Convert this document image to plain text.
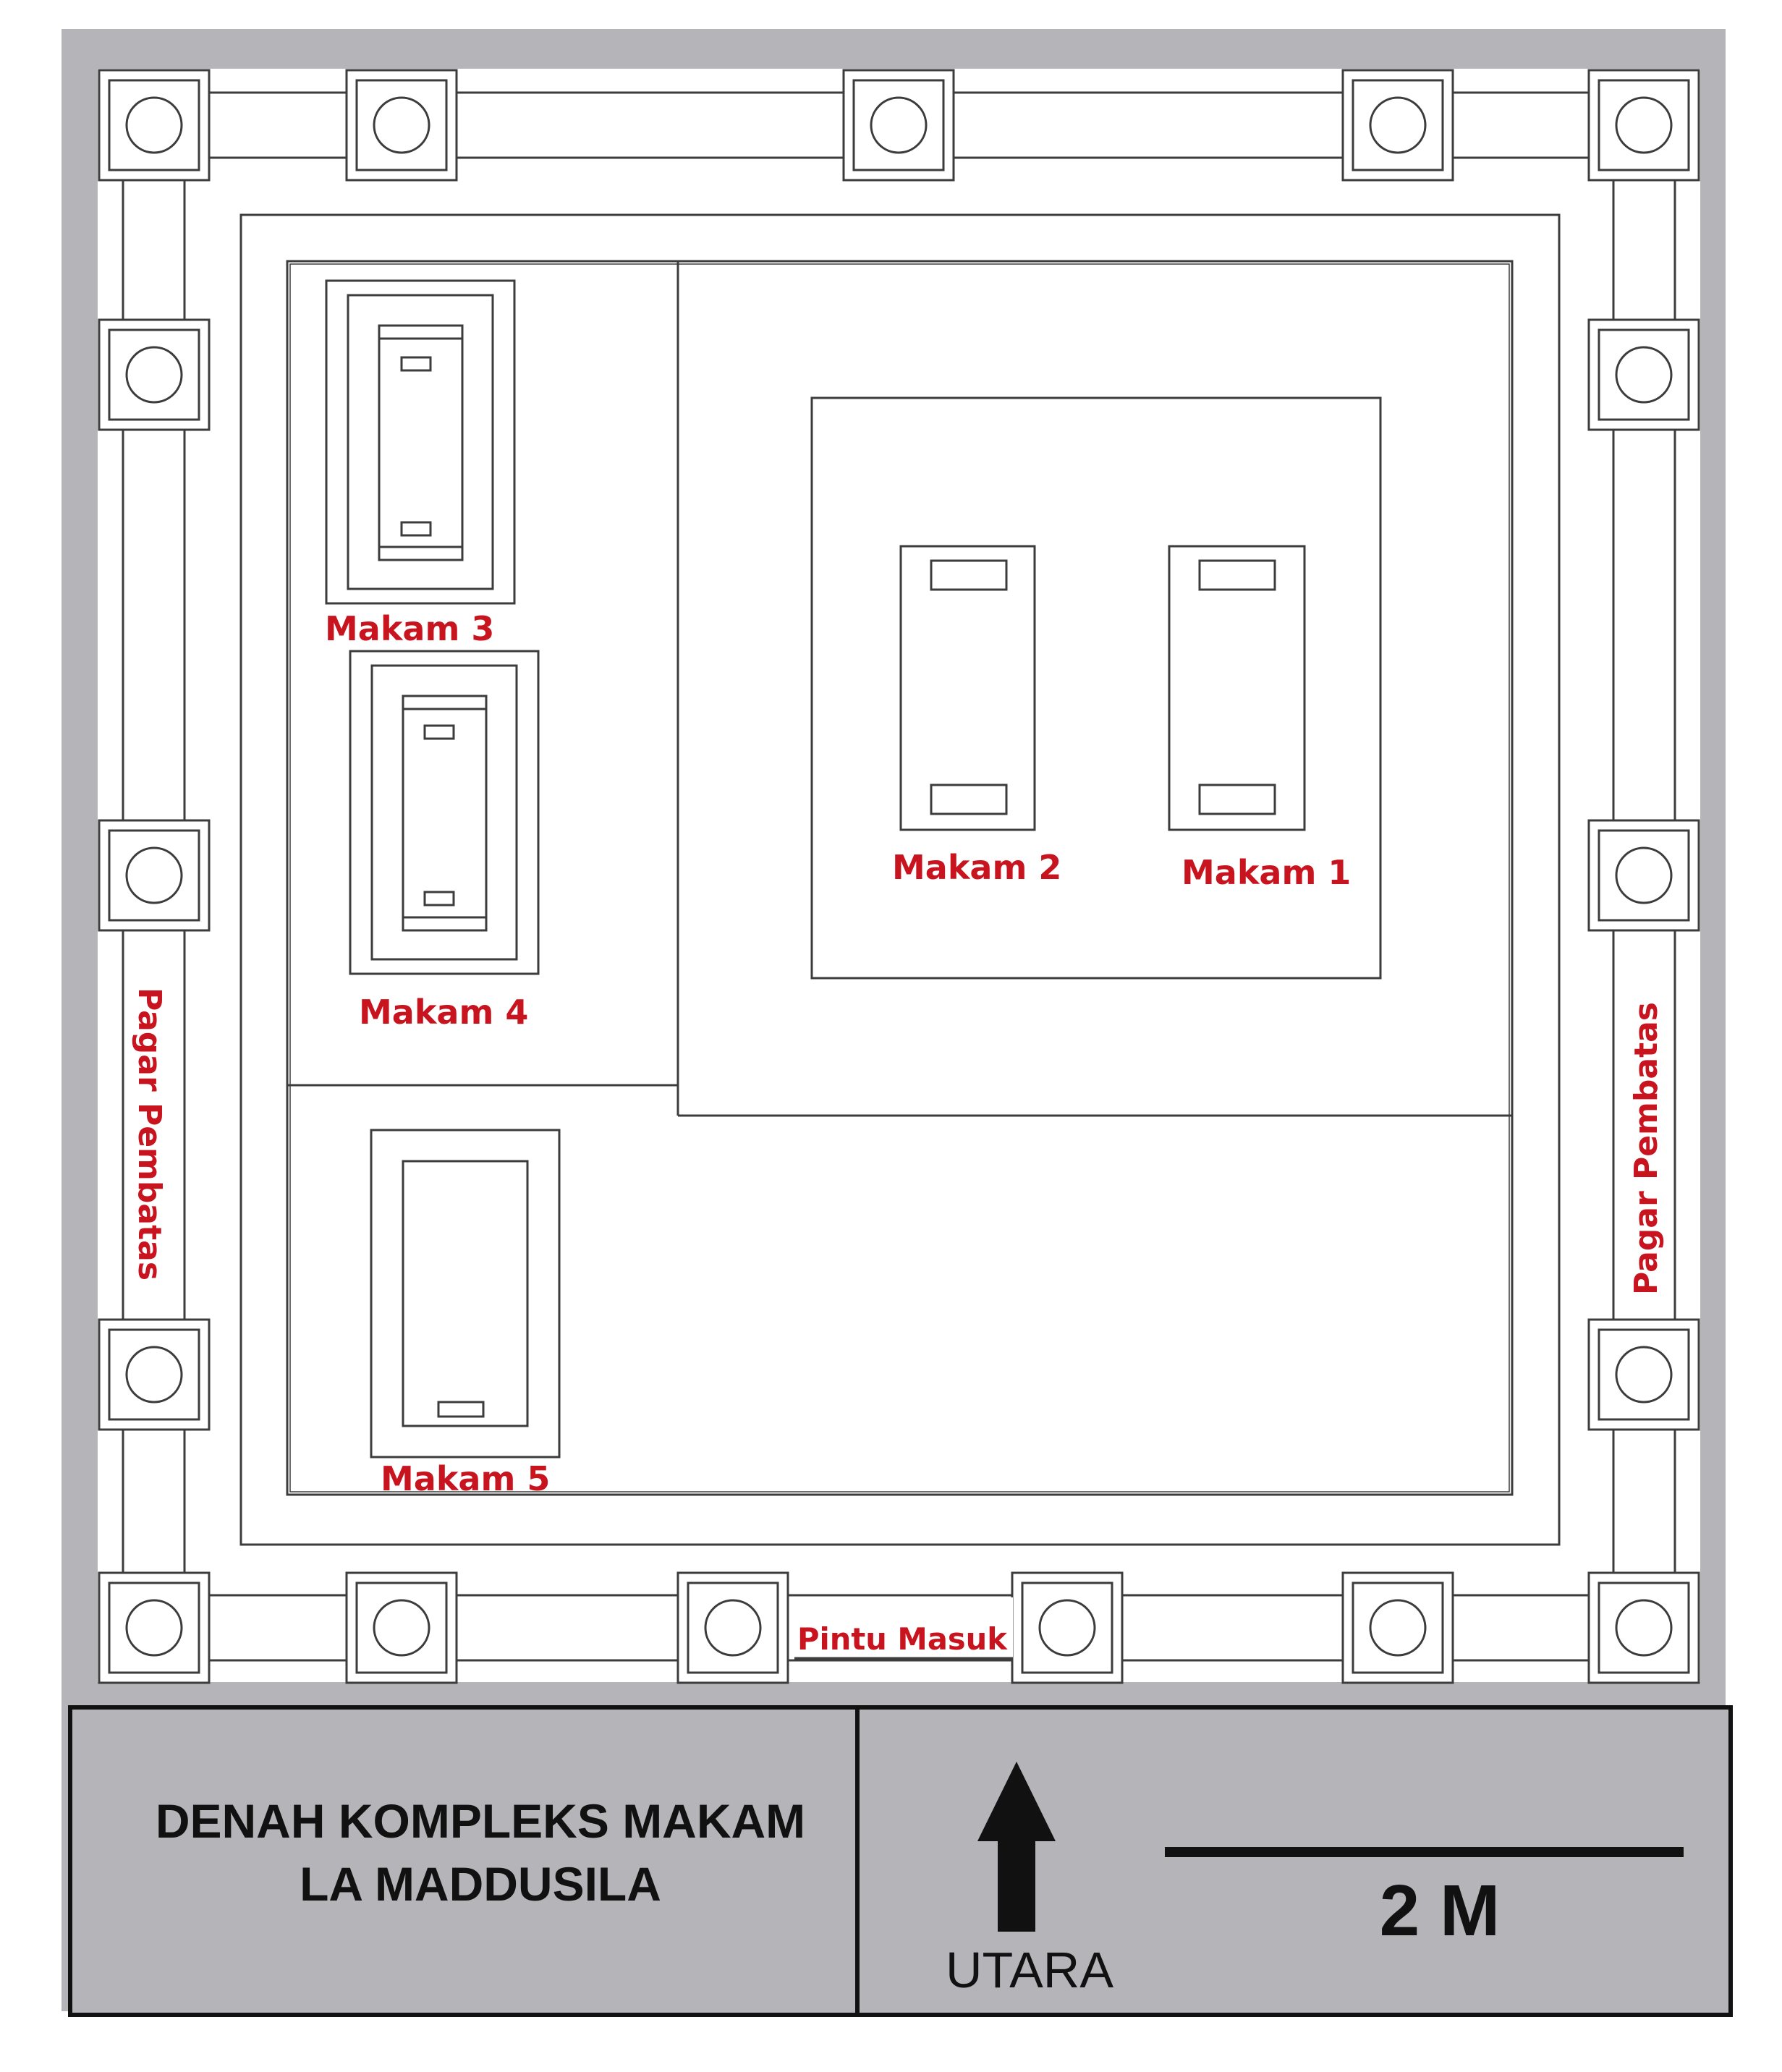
Makam 3
Makam 4
Makam 2	Makam 1
Makam 5
Pagar Pembatas	Pagar Pembatas
Pintu Masuk
DENAH KOMPLEKS MAKAM
LA MADDUSILA
UTARA
2 M
